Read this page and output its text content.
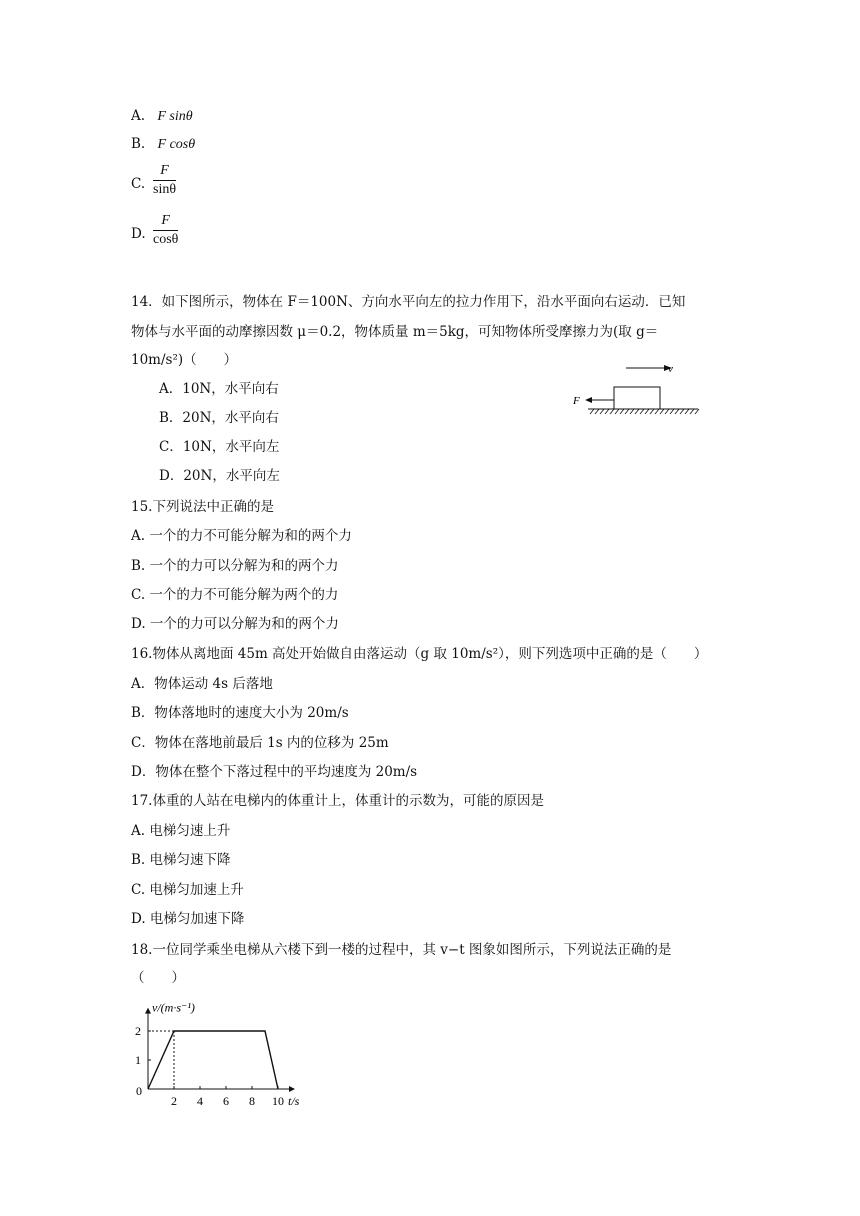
A. F sinθ
B. F cosθ
C. $\frac{F}{\sin\theta}$
D. $\frac{F}{\cos\theta}$
14．如下图所示，物体在 F＝100N、方向水平向左的拉力作用下，沿水平面向右运动．已知
物体与水平面的动摩擦因数 μ＝0.2，物体质量 m＝5kg，可知物体所受摩擦力为(取 g＝
10m/s²)（　　）
A．10N，水平向右
B．20N，水平向右
C．10N，水平向左
D．20N，水平向左
v
F
15.下列说法中正确的是
A. 一个的力不可能分解为和的两个力
B. 一个的力可以分解为和的两个力
C. 一个的力不可能分解为两个的力
D. 一个的力可以分解为和的两个力
16.物体从离地面 45m 高处开始做自由落运动（g 取 10m/s²），则下列选项中正确的是（　　）
A．物体运动 4s 后落地
B．物体落地时的速度大小为 20m/s
C．物体在落地前最后 1s 内的位移为 25m
D．物体在整个下落过程中的平均速度为 20m/s
17.体重的人站在电梯内的体重计上，体重计的示数为，可能的原因是
A. 电梯匀速上升
B. 电梯匀速下降
C. 电梯匀加速上升
D. 电梯匀加速下降
18.一位同学乘坐电梯从六楼下到一楼的过程中，其 v−t 图象如图所示，下列说法正确的是
（　　）
v/(m·s⁻¹)
t/s
0
2 4 6 8 10
1
2
